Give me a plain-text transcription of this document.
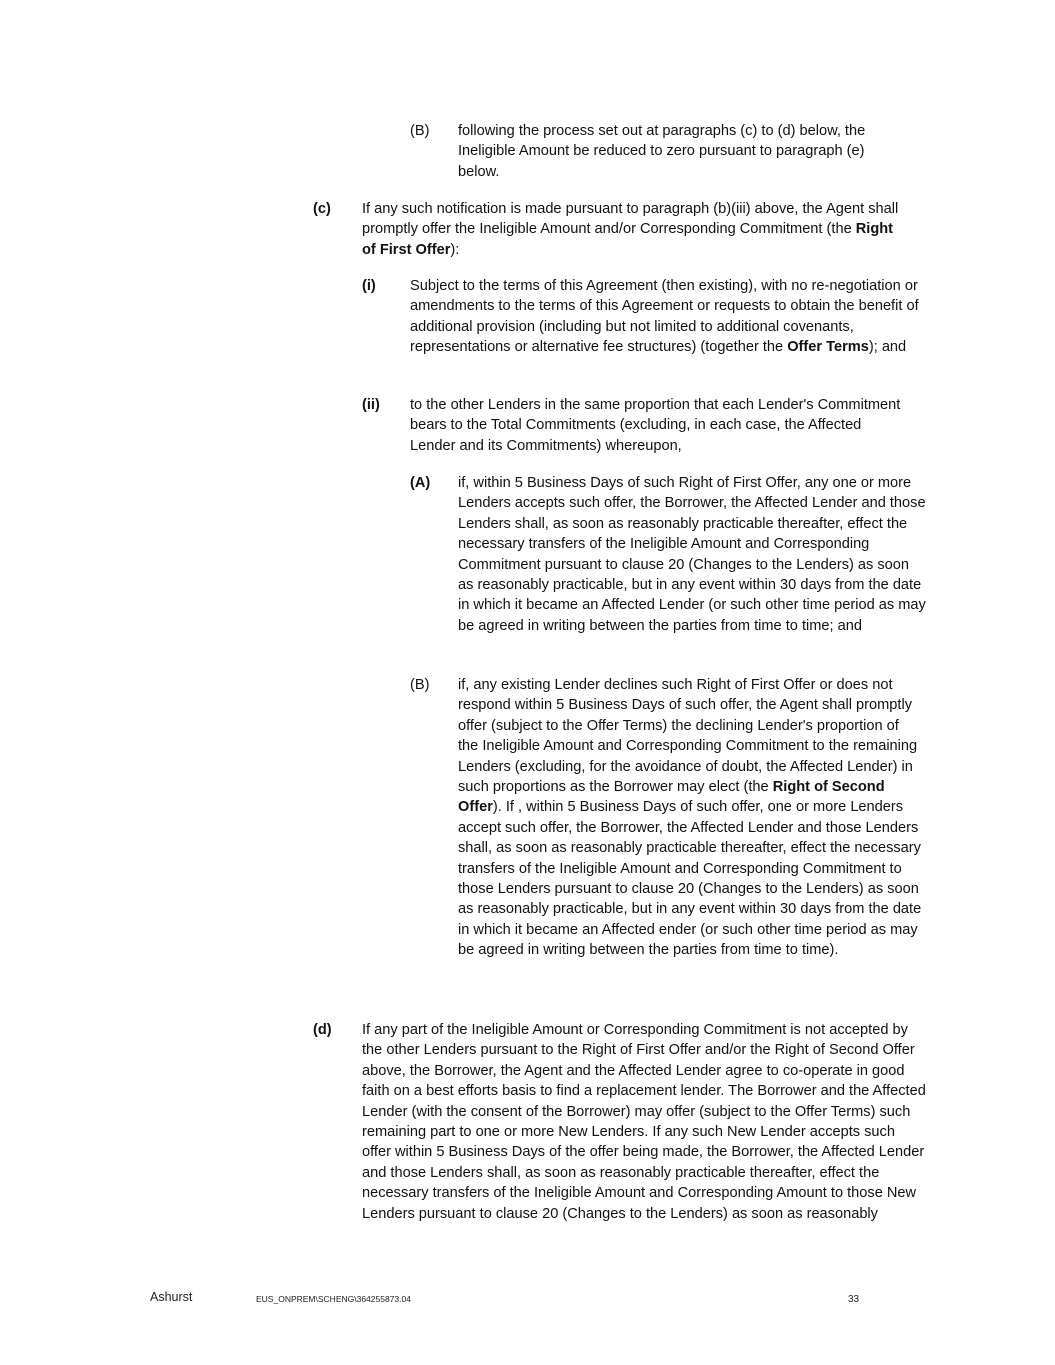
(B) following the process set out at paragraphs (c) to (d) below, the Ineligible Amount be reduced to zero pursuant to paragraph (e) below.

(c) If any such notification is made pursuant to paragraph (b)(iii) above, the Agent shall promptly offer the Ineligible Amount and/or Corresponding Commitment (the Right of First Offer):

(i) Subject to the terms of this Agreement (then existing), with no re-negotiation or amendments to the terms of this Agreement or requests to obtain the benefit of additional provision (including but not limited to additional covenants, representations or alternative fee structures) (together the Offer Terms); and

(ii) to the other Lenders in the same proportion that each Lender's Commitment bears to the Total Commitments (excluding, in each case, the Affected Lender and its Commitments) whereupon,

(A) if, within 5 Business Days of such Right of First Offer, any one or more Lenders accepts such offer, the Borrower, the Affected Lender and those Lenders shall, as soon as reasonably practicable thereafter, effect the necessary transfers of the Ineligible Amount and Corresponding Commitment pursuant to clause 20 (Changes to the Lenders) as soon as reasonably practicable, but in any event within 30 days from the date in which it became an Affected Lender (or such other time period as may be agreed in writing between the parties from time to time; and

(B) if, any existing Lender declines such Right of First Offer or does not respond within 5 Business Days of such offer, the Agent shall promptly offer (subject to the Offer Terms) the declining Lender's proportion of the Ineligible Amount and Corresponding Commitment to the remaining Lenders (excluding, for the avoidance of doubt, the Affected Lender) in such proportions as the Borrower may elect (the Right of Second Offer). If , within 5 Business Days of such offer, one or more Lenders accept such offer, the Borrower, the Affected Lender and those Lenders shall, as soon as reasonably practicable thereafter, effect the necessary transfers of the Ineligible Amount and Corresponding Commitment to those Lenders pursuant to clause 20 (Changes to the Lenders) as soon as reasonably practicable, but in any event within 30 days from the date in which it became an Affected ender (or such other time period as may be agreed in writing between the parties from time to time).

(d) If any part of the Ineligible Amount or Corresponding Commitment is not accepted by the other Lenders pursuant to the Right of First Offer and/or the Right of Second Offer above, the Borrower, the Agent and the Affected Lender agree to co-operate in good faith on a best efforts basis to find a replacement lender. The Borrower and the Affected Lender (with the consent of the Borrower) may offer (subject to the Offer Terms) such remaining part to one or more New Lenders. If any such New Lender accepts such offer within 5 Business Days of the offer being made, the Borrower, the Affected Lender and those Lenders shall, as soon as reasonably practicable thereafter, effect the necessary transfers of the Ineligible Amount and Corresponding Amount to those New Lenders pursuant to clause 20 (Changes to the Lenders) as soon as reasonably

Ashurst	EUS_ONPREM\SCHENG\364255873.04	33
